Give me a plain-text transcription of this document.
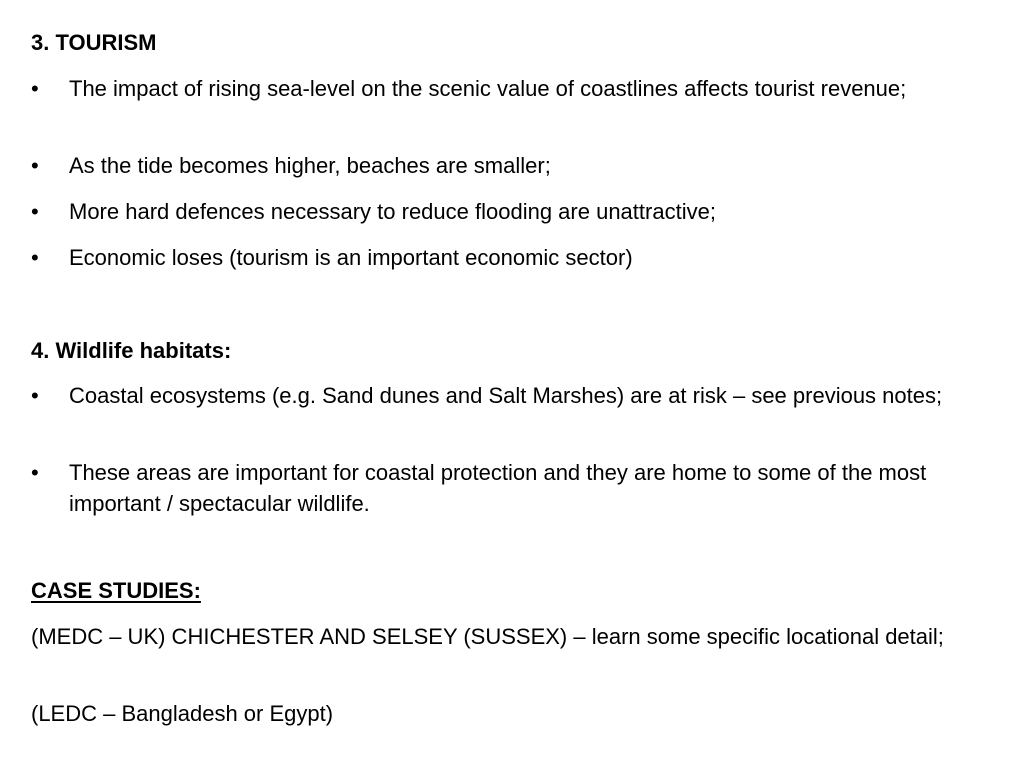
3. TOURISM
• The impact of rising sea-level on the scenic value of coastlines affects tourist revenue;
• As the tide becomes higher, beaches are smaller;
• More hard defences necessary to reduce flooding are unattractive;
• Economic loses (tourism is an important economic sector)
4. Wildlife habitats:
• Coastal ecosystems (e.g. Sand dunes and Salt Marshes) are at risk – see previous notes;
• These areas are important for coastal protection and they are home to some of the most important / spectacular wildlife.
CASE STUDIES:
(MEDC – UK) CHICHESTER AND SELSEY (SUSSEX) – learn some specific locational detail;
(LEDC – Bangladesh or Egypt)
